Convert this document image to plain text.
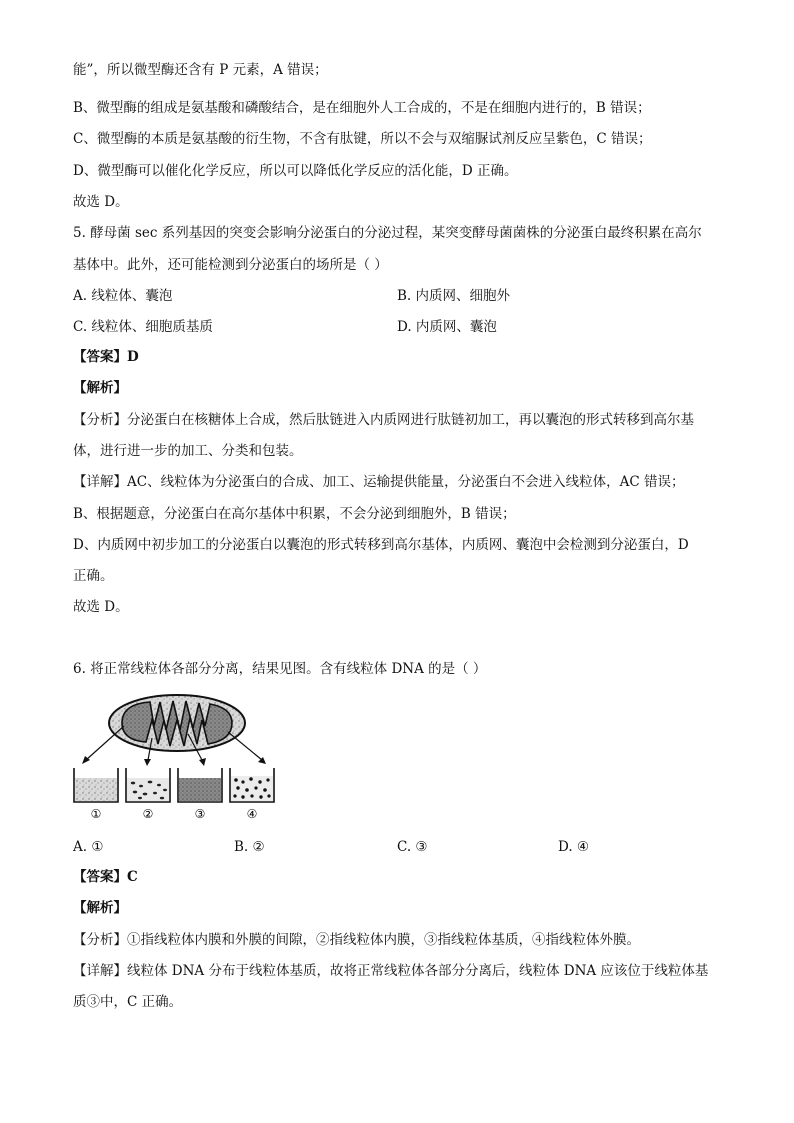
能”，所以微型酶还含有 P 元素，A 错误；
B、微型酶的组成是氨基酸和磷酸结合，是在细胞外人工合成的，不是在细胞内进行的，B 错误；
C、微型酶的本质是氨基酸的衍生物，不含有肽键，所以不会与双缩脲试剂反应呈紫色，C 错误；
D、微型酶可以催化化学反应，所以可以降低化学反应的活化能，D 正确。
故选 D。
5. 酵母菌 sec 系列基因的突变会影响分泌蛋白的分泌过程，某突变酵母菌菌株的分泌蛋白最终积累在高尔
基体中。此外，还可能检测到分泌蛋白的场所是（ ）
A. 线粒体、囊泡	B. 内质网、细胞外
C. 线粒体、细胞质基质	D. 内质网、囊泡
【答案】D
【解析】
【分析】分泌蛋白在核糖体上合成，然后肽链进入内质网进行肽链初加工，再以囊泡的形式转移到高尔基
体，进行进一步的加工、分类和包装。
【详解】AC、线粒体为分泌蛋白的合成、加工、运输提供能量，分泌蛋白不会进入线粒体，AC 错误；
B、根据题意，分泌蛋白在高尔基体中积累，不会分泌到细胞外，B 错误；
D、内质网中初步加工的分泌蛋白以囊泡的形式转移到高尔基体，内质网、囊泡中会检测到分泌蛋白，D
正确。
故选 D。
6. 将正常线粒体各部分分离，结果见图。含有线粒体 DNA 的是（ ）
①	②	③	④
A. ①	B. ②	C. ③	D. ④
【答案】C
【解析】
【分析】①指线粒体内膜和外膜的间隙，②指线粒体内膜，③指线粒体基质，④指线粒体外膜。
【详解】线粒体 DNA 分布于线粒体基质，故将正常线粒体各部分分离后，线粒体 DNA 应该位于线粒体基
质③中，C 正确。
